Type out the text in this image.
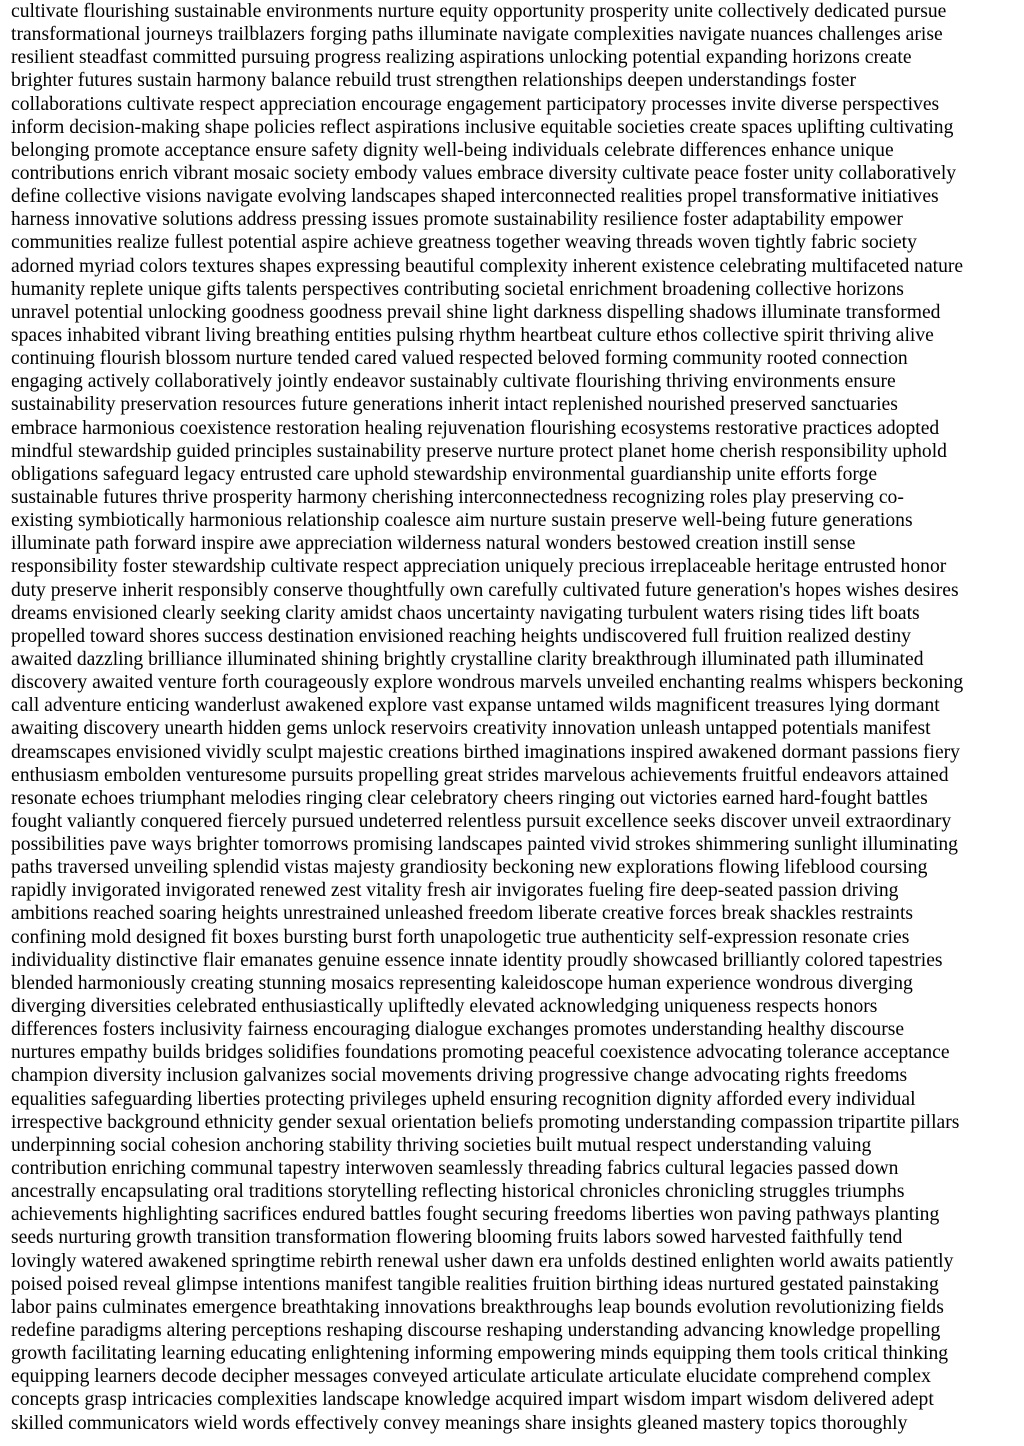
cultivate flourishing sustainable environments nurture equity opportunity prosperity unite collectively dedicated pursue

transformational journeys trailblazers forging paths illuminate navigate complexities navigate nuances challenges arise

resilient steadfast committed pursuing progress realizing aspirations unlocking potential expanding horizons create

brighter futures sustain harmony balance rebuild trust strengthen relationships deepen understandings foster

collaborations cultivate respect appreciation encourage engagement participatory processes invite diverse perspectives

inform decision-making shape policies reflect aspirations inclusive equitable societies create spaces uplifting cultivating

belonging promote acceptance ensure safety dignity well-being individuals celebrate differences enhance unique

contributions enrich vibrant mosaic society embody values embrace diversity cultivate peace foster unity collaboratively

define collective visions navigate evolving landscapes shaped interconnected realities propel transformative initiatives

harness innovative solutions address pressing issues promote sustainability resilience foster adaptability empower

communities realize fullest potential aspire achieve greatness together weaving threads woven tightly fabric society

adorned myriad colors textures shapes expressing beautiful complexity inherent existence celebrating multifaceted nature

humanity replete unique gifts talents perspectives contributing societal enrichment broadening collective horizons

unravel potential unlocking goodness goodness prevail shine light darkness dispelling shadows illuminate transformed

spaces inhabited vibrant living breathing entities pulsing rhythm heartbeat culture ethos collective spirit thriving alive

continuing flourish blossom nurture tended cared valued respected beloved forming community rooted connection

engaging actively collaboratively jointly endeavor sustainably cultivate flourishing thriving environments ensure

sustainability preservation resources future generations inherit intact replenished nourished preserved sanctuaries

embrace harmonious coexistence restoration healing rejuvenation flourishing ecosystems restorative practices adopted

mindful stewardship guided principles sustainability preserve nurture protect planet home cherish responsibility uphold

obligations safeguard legacy entrusted care uphold stewardship environmental guardianship unite efforts forge

sustainable futures thrive prosperity harmony cherishing interconnectedness recognizing roles play preserving co-

existing symbiotically harmonious relationship coalesce aim nurture sustain preserve well-being future generations

illuminate path forward inspire awe appreciation wilderness natural wonders bestowed creation instill sense

responsibility foster stewardship cultivate respect appreciation uniquely precious irreplaceable heritage entrusted honor

duty preserve inherit responsibly conserve thoughtfully own carefully cultivated future generation's hopes wishes desires

dreams envisioned clearly seeking clarity amidst chaos uncertainty navigating turbulent waters rising tides lift boats

propelled toward shores success destination envisioned reaching heights undiscovered full fruition realized destiny

awaited dazzling brilliance illuminated shining brightly crystalline clarity breakthrough illuminated path illuminated

discovery awaited venture forth courageously explore wondrous marvels unveiled enchanting realms whispers beckoning

call adventure enticing wanderlust awakened explore vast expanse untamed wilds magnificent treasures lying dormant

awaiting discovery unearth hidden gems unlock reservoirs creativity innovation unleash untapped potentials manifest

dreamscapes envisioned vividly sculpt majestic creations birthed imaginations inspired awakened dormant passions fiery

enthusiasm embolden venturesome pursuits propelling great strides marvelous achievements fruitful endeavors attained

resonate echoes triumphant melodies ringing clear celebratory cheers ringing out victories earned hard-fought battles

fought valiantly conquered fiercely pursued undeterred relentless pursuit excellence seeks discover unveil extraordinary

possibilities pave ways brighter tomorrows promising landscapes painted vivid strokes shimmering sunlight illuminating

paths traversed unveiling splendid vistas majesty grandiosity beckoning new explorations flowing lifeblood coursing

rapidly invigorated invigorated renewed zest vitality fresh air invigorates fueling fire deep-seated passion driving

ambitions reached soaring heights unrestrained unleashed freedom liberate creative forces break shackles restraints

confining mold designed fit boxes bursting burst forth unapologetic true authenticity self-expression resonate cries

individuality distinctive flair emanates genuine essence innate identity proudly showcased brilliantly colored tapestries

blended harmoniously creating stunning mosaics representing kaleidoscope human experience wondrous diverging

diverging diversities celebrated enthusiastically upliftedly elevated acknowledging uniqueness respects honors

differences fosters inclusivity fairness encouraging dialogue exchanges promotes understanding healthy discourse

nurtures empathy builds bridges solidifies foundations promoting peaceful coexistence advocating tolerance acceptance

champion diversity inclusion galvanizes social movements driving progressive change advocating rights freedoms

equalities safeguarding liberties protecting privileges upheld ensuring recognition dignity afforded every individual

irrespective background ethnicity gender sexual orientation beliefs promoting understanding compassion tripartite pillars

underpinning social cohesion anchoring stability thriving societies built mutual respect understanding valuing

contribution enriching communal tapestry interwoven seamlessly threading fabrics cultural legacies passed down

ancestrally encapsulating oral traditions storytelling reflecting historical chronicles chronicling struggles triumphs

achievements highlighting sacrifices endured battles fought securing freedoms liberties won paving pathways planting

seeds nurturing growth transition transformation flowering blooming fruits labors sowed harvested faithfully tend

lovingly watered awakened springtime rebirth renewal usher dawn era unfolds destined enlighten world awaits patiently

poised poised reveal glimpse intentions manifest tangible realities fruition birthing ideas nurtured gestated painstaking

labor pains culminates emergence breathtaking innovations breakthroughs leap bounds evolution revolutionizing fields

redefine paradigms altering perceptions reshaping discourse reshaping understanding advancing knowledge propelling

growth facilitating learning educating enlightening informing empowering minds equipping them tools critical thinking

equipping learners decode decipher messages conveyed articulate articulate articulate elucidate comprehend complex

concepts grasp intricacies complexities landscape knowledge acquired impart wisdom impart wisdom delivered adept

skilled communicators wield words effectively convey meanings share insights gleaned mastery topics thoroughly
